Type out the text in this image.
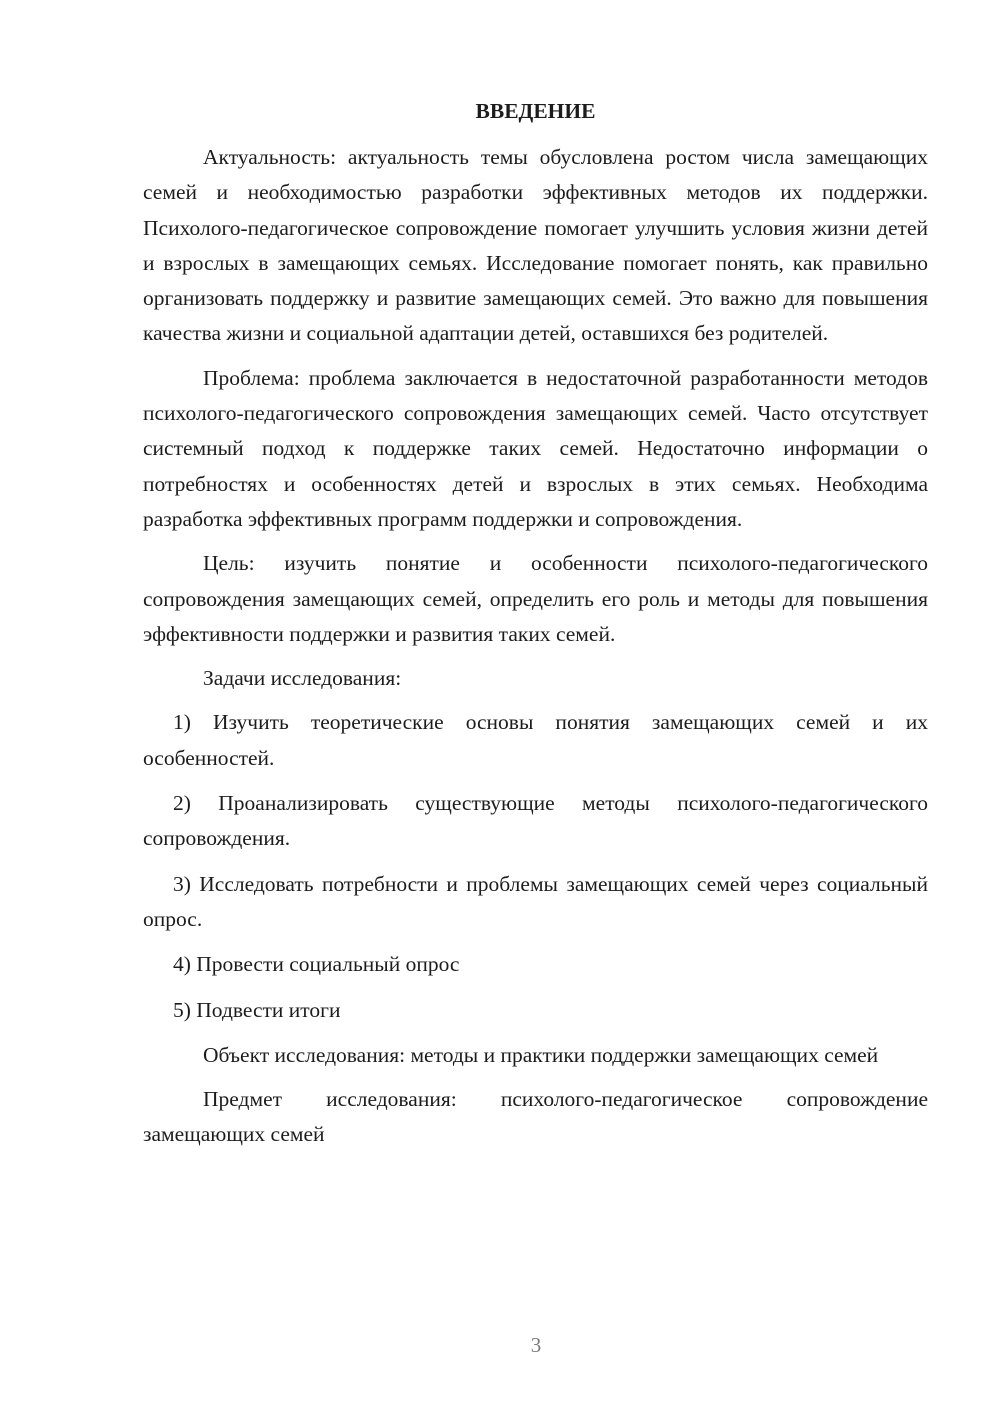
ВВЕДЕНИЕ

Актуальность: актуальность темы обусловлена ростом числа замещающих семей и необходимостью разработки эффективных методов их поддержки. Психолого-педагогическое сопровождение помогает улучшить условия жизни детей и взрослых в замещающих семьях. Исследование помогает понять, как правильно организовать поддержку и развитие замещающих семей. Это важно для повышения качества жизни и социальной адаптации детей, оставшихся без родителей.

Проблема: проблема заключается в недостаточной разработанности методов психолого-педагогического сопровождения замещающих семей. Часто отсутствует системный подход к поддержке таких семей. Недостаточно информации о потребностях и особенностях детей и взрослых в этих семьях. Необходима разработка эффективных программ поддержки и сопровождения.

Цель: изучить понятие и особенности психолого-педагогического сопровождения замещающих семей, определить его роль и методы для повышения эффективности поддержки и развития таких семей.

Задачи исследования:

1) Изучить теоретические основы понятия замещающих семей и их особенностей.

2) Проанализировать существующие методы психолого-педагогического сопровождения.

3) Исследовать потребности и проблемы замещающих семей через социальный опрос.

4) Провести социальный опрос

5) Подвести итоги

Объект исследования: методы и практики поддержки замещающих семей

Предмет исследования: психолого-педагогическое сопровождение замещающих семей

3
